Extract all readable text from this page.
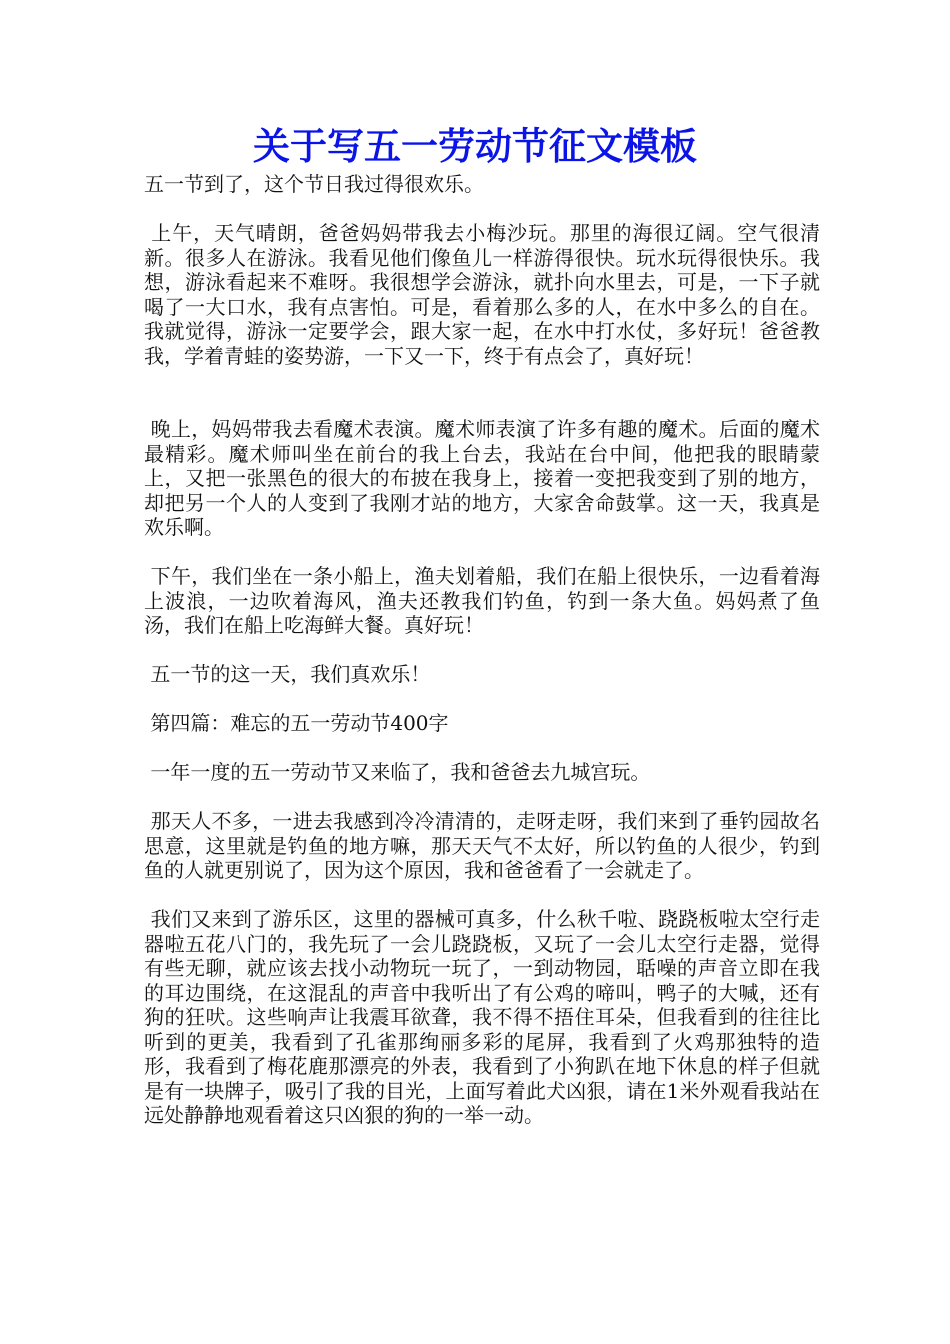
关于写五一劳动节征文模板

五一节到了，这个节日我过得很欢乐。

上午，天气晴朗，爸爸妈妈带我去小梅沙玩。那里的海很辽阔。空气很清新。很多人在游泳。我看见他们像鱼儿一样游得很快。玩水玩得很快乐。我想，游泳看起来不难呀。我很想学会游泳，就扑向水里去，可是，一下子就喝了一大口水，我有点害怕。可是，看着那么多的人，在水中多么的自在。我就觉得，游泳一定要学会，跟大家一起，在水中打水仗，多好玩！爸爸教我，学着青蛙的姿势游，一下又一下，终于有点会了，真好玩！

晚上，妈妈带我去看魔术表演。魔术师表演了许多有趣的魔术。后面的魔术最精彩。魔术师叫坐在前台的我上台去，我站在台中间，他把我的眼睛蒙上，又把一张黑色的很大的布披在我身上，接着一变把我变到了别的地方，却把另一个人的人变到了我刚才站的地方，大家舍命鼓掌。这一天，我真是欢乐啊。

下午，我们坐在一条小船上，渔夫划着船，我们在船上很快乐，一边看着海上波浪，一边吹着海风，渔夫还教我们钓鱼，钓到一条大鱼。妈妈煮了鱼汤，我们在船上吃海鲜大餐。真好玩！

五一节的这一天，我们真欢乐！

第四篇：难忘的五一劳动节400字

一年一度的五一劳动节又来临了，我和爸爸去九城宫玩。

那天人不多，一进去我感到冷冷清清的，走呀走呀，我们来到了垂钓园故名思意，这里就是钓鱼的地方嘛，那天天气不太好，所以钓鱼的人很少，钓到鱼的人就更别说了，因为这个原因，我和爸爸看了一会就走了。

我们又来到了游乐区，这里的器械可真多，什么秋千啦、跷跷板啦太空行走器啦五花八门的，我先玩了一会儿跷跷板，又玩了一会儿太空行走器，觉得有些无聊，就应该去找小动物玩一玩了，一到动物园，聒噪的声音立即在我的耳边围绕，在这混乱的声音中我听出了有公鸡的啼叫，鸭子的大喊，还有狗的狂吠。这些响声让我震耳欲聋，我不得不捂住耳朵，但我看到的往往比听到的更美，我看到了孔雀那绚丽多彩的尾屏，我看到了火鸡那独特的造形，我看到了梅花鹿那漂亮的外表，我看到了小狗趴在地下休息的样子但就是有一块牌子，吸引了我的目光，上面写着此犬凶狠，请在1米外观看我站在远处静静地观看着这只凶狠的狗的一举一动。
